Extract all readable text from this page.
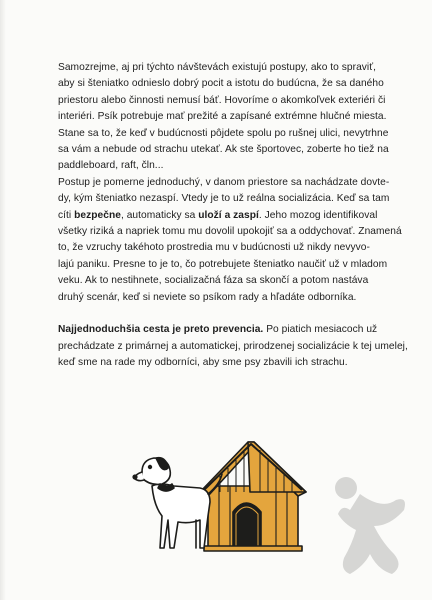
Samozrejme, aj pri týchto návštevách existujú postupy, ako to spraviť,
aby si šteniatko odnieslo dobrý pocit a istotu do budúcna, že sa daného
priestoru alebo činnosti nemusí báť. Hovoríme o akomkoľvek exteriéri či
interiéri. Psík potrebuje mať prežité a zapísané extrémne hlučné miesta.
Stane sa to, že keď v budúcnosti pôjdete spolu po rušnej ulici, nevytrhne
sa vám a nebude od strachu utekať. Ak ste športovec, zoberte ho tiež na
paddleboard, raft, čln...

Postup je pomerne jednoduchý, v danom priestore sa nachádzate dovte-
dy, kým šteniatko nezaspí. Vtedy je to už reálna socializácia. Keď sa tam
cíti bezpečne, automaticky sa uloží a zaspí. Jeho mozog identifikoval
všetky riziká a napriek tomu mu dovolil upokojiť sa a oddychovať. Znamená
to, že vzruchy takéhoto prostredia mu v budúcnosti už nikdy nevyvo-
lajú paniku. Presne to je to, čo potrebujete šteniatko naučiť už v mladom
veku. Ak to nestihnete, socializačná fáza sa skončí a potom nastáva
druhý scenár, keď si neviete so psíkom rady a hľadáte odborníka.

Najjednoduchšia cesta je preto prevencia. Po piatich mesiacoch už
prechádzate z primárnej a automatickej, prirodzenej socializácie k tej umelej,
keď sme na rade my odborníci, aby sme psy zbavili ich strachu.
